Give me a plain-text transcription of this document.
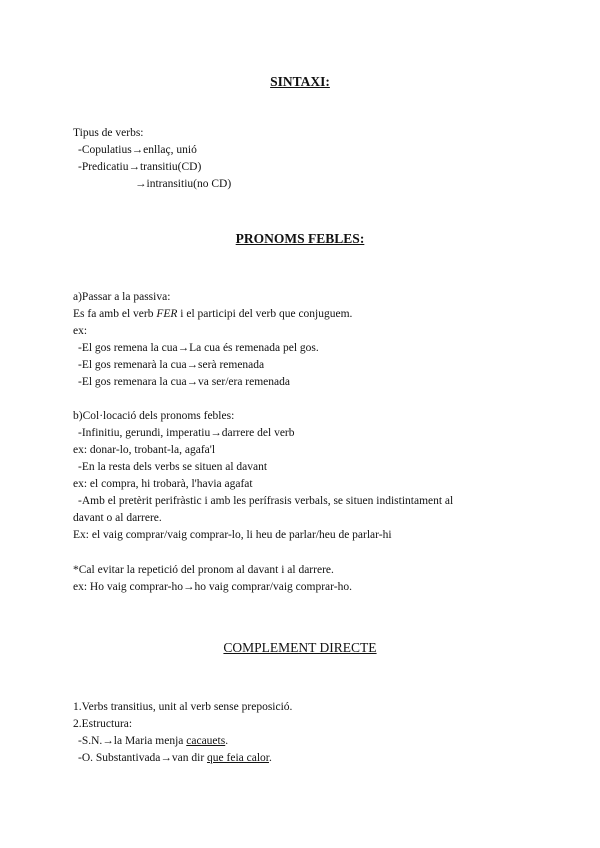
SINTAXI:
Tipus de verbs:
-Copulatius→enllaç, unió
-Predicatiu→transitiu(CD)
→intransitiu(no CD)
PRONOMS FEBLES:
a)Passar a la passiva:
Es fa amb el verb FER i el participi del verb que conjuguem.
ex:
-El gos remena la cua→La cua és remenada pel gos.
-El gos remenarà la cua→serà remenada
-El gos remenara la cua→va ser/era remenada
b)Col·locació dels pronoms febles:
-Infinitiu, gerundi, imperatiu→darrere del verb
ex: donar-lo, trobant-la, agafa'l
-En la resta dels verbs se situen al davant
ex: el compra, hi trobarà, l'havia agafat
-Amb el pretèrit perifràstic i amb les perífrasis verbals, se situen indistintament al
davant o al darrere.
Ex: el vaig comprar/vaig comprar-lo, li heu de parlar/heu de parlar-hi
*Cal evitar la repetició del pronom al davant i al darrere.
ex: Ho vaig comprar-ho→ho vaig comprar/vaig comprar-ho.
COMPLEMENT DIRECTE
1.Verbs transitius, unit al verb sense preposició.
2.Estructura:
-S.N.→la Maria menja cacauets.
-O. Substantivada→van dir que feia calor.
